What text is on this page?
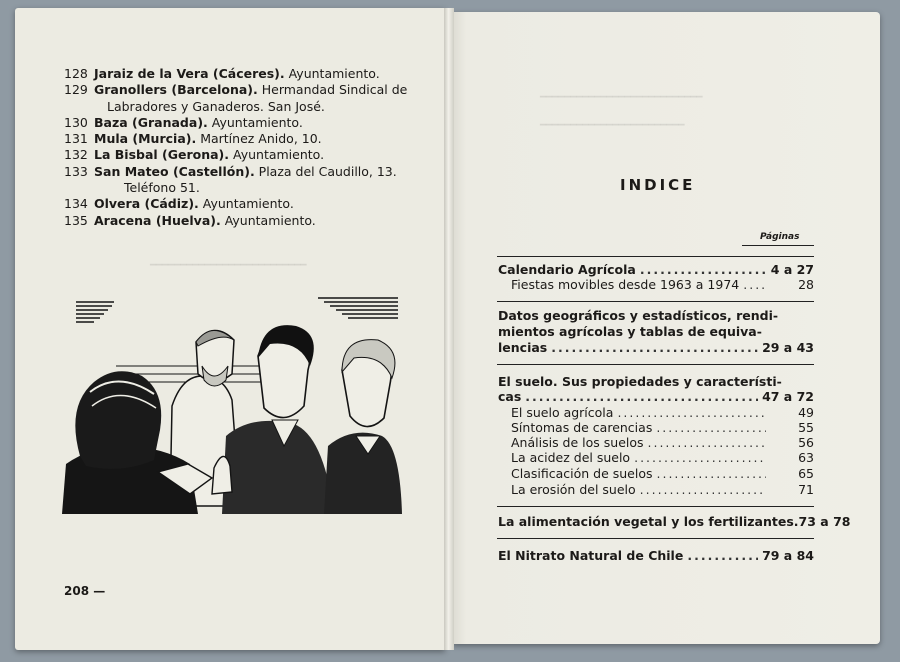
━━━━━━━━━━━━━━━━━━━━━━━━━━━
━━━━━━━━━━━━━━━━━━━━━━━━
━━━━━━━━━━━━━━━━━━━━━━━━━━
128 Jaraiz de la Vera (Cáceres). Ayuntamiento.
129 Granollers (Barcelona). Hermandad Sindical de
Labradores y Ganaderos. San José.
130 Baza (Granada). Ayuntamiento.
131 Mula (Murcia). Martínez Anido, 10.
132 La Bisbal (Gerona). Ayuntamiento.
133 San Mateo (Castellón). Plaza del Caudillo, 13.
Teléfono 51.
134 Olvera (Cádiz). Ayuntamiento.
135 Aracena (Huelva). Ayuntamiento.
208 —
INDICE
Páginas
Calendario Agrícola .....	4 a 27
Fiestas movibles desde 1963 a 1974 .....	28
Datos geográficos y estadísticos, rendi-
mientos agrícolas y tablas de equiva-
lencias .....	29 a 43
El suelo. Sus propiedades y característi-
cas .....	47 a 72
El suelo agrícola .....	49
Síntomas de carencias .....	55
Análisis de los suelos .....	56
La acidez del suelo .....	63
Clasificación de suelos .....	65
La erosión del suelo .....	71
La alimentación vegetal y los fertilizantes. 73 a 78
El Nitrato Natural de Chile .....	79 a 84
